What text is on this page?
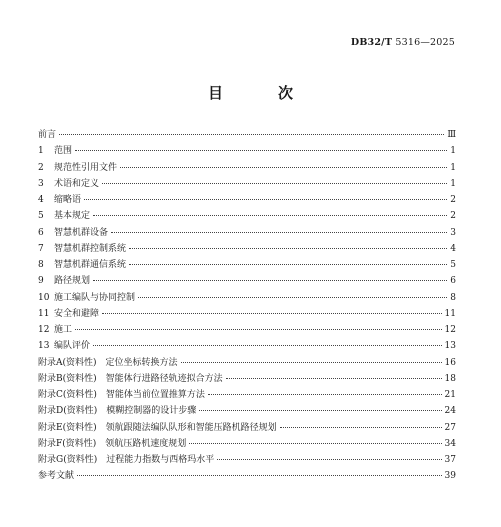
DB32/T 5316—2025
目　次
前言	Ⅲ
1	范围	1
2	规范性引用文件	1
3	术语和定义	1
4	缩略语	2
5	基本规定	2
6	智慧机群设备	3
7	智慧机群控制系统	4
8	智慧机群通信系统	5
9	路径规划	6
10 施工编队与协同控制	8
11 安全和避障	11
12 施工	12
13 编队评价	13
附录A(资料性)　定位坐标转换方法	16
附录B(资料性)　智能体行进路径轨迹拟合方法	18
附录C(资料性)　智能体当前位置推算方法	21
附录D(资料性)　模糊控制器的设计步骤	24
附录E(资料性)　领航跟随法编队队形和智能压路机路径规划	27
附录F(资料性)　领航压路机速度规划	34
附录G(资料性)　过程能力指数与西格玛水平	37
参考文献	39
